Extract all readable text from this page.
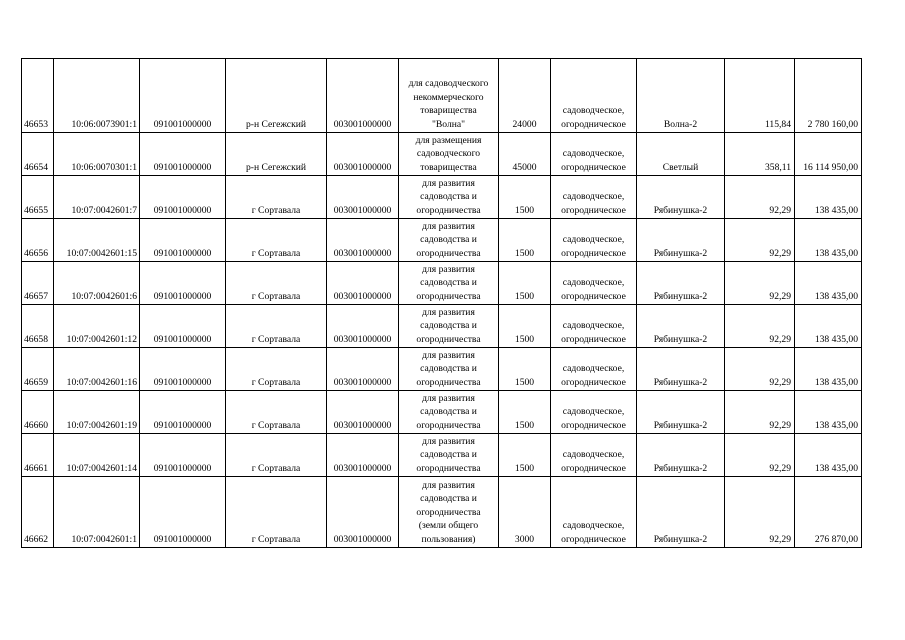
46653	10:06:0073901:1	091001000000	р-н Сегежский	003001000000	для садоводческого
некоммерческого
товарищества
"Волна"	24000	садоводческое,
огородническое	Волна-2	115,84	2 780 160,00
46654	10:06:0070301:1	091001000000	р-н Сегежский	003001000000	для размещения
садоводческого
товарищества	45000	садоводческое,
огородническое	Светлый	358,11	16 114 950,00
46655	10:07:0042601:7	091001000000	г Сортавала	003001000000	для развития
садоводства и
огородничества	1500	садоводческое,
огородническое	Рябинушка-2	92,29	138 435,00
46656	10:07:0042601:15	091001000000	г Сортавала	003001000000	для развития
садоводства и
огородничества	1500	садоводческое,
огородническое	Рябинушка-2	92,29	138 435,00
46657	10:07:0042601:6	091001000000	г Сортавала	003001000000	для развития
садоводства и
огородничества	1500	садоводческое,
огородническое	Рябинушка-2	92,29	138 435,00
46658	10:07:0042601:12	091001000000	г Сортавала	003001000000	для развития
садоводства и
огородничества	1500	садоводческое,
огородническое	Рябинушка-2	92,29	138 435,00
46659	10:07:0042601:16	091001000000	г Сортавала	003001000000	для развития
садоводства и
огородничества	1500	садоводческое,
огородническое	Рябинушка-2	92,29	138 435,00
46660	10:07:0042601:19	091001000000	г Сортавала	003001000000	для развития
садоводства и
огородничества	1500	садоводческое,
огородническое	Рябинушка-2	92,29	138 435,00
46661	10:07:0042601:14	091001000000	г Сортавала	003001000000	для развития
садоводства и
огородничества	1500	садоводческое,
огородническое	Рябинушка-2	92,29	138 435,00
46662	10:07:0042601:1	091001000000	г Сортавала	003001000000	для развития
садоводства и
огородничества
(земли общего
пользования)	3000	садоводческое,
огородническое	Рябинушка-2	92,29	276 870,00
